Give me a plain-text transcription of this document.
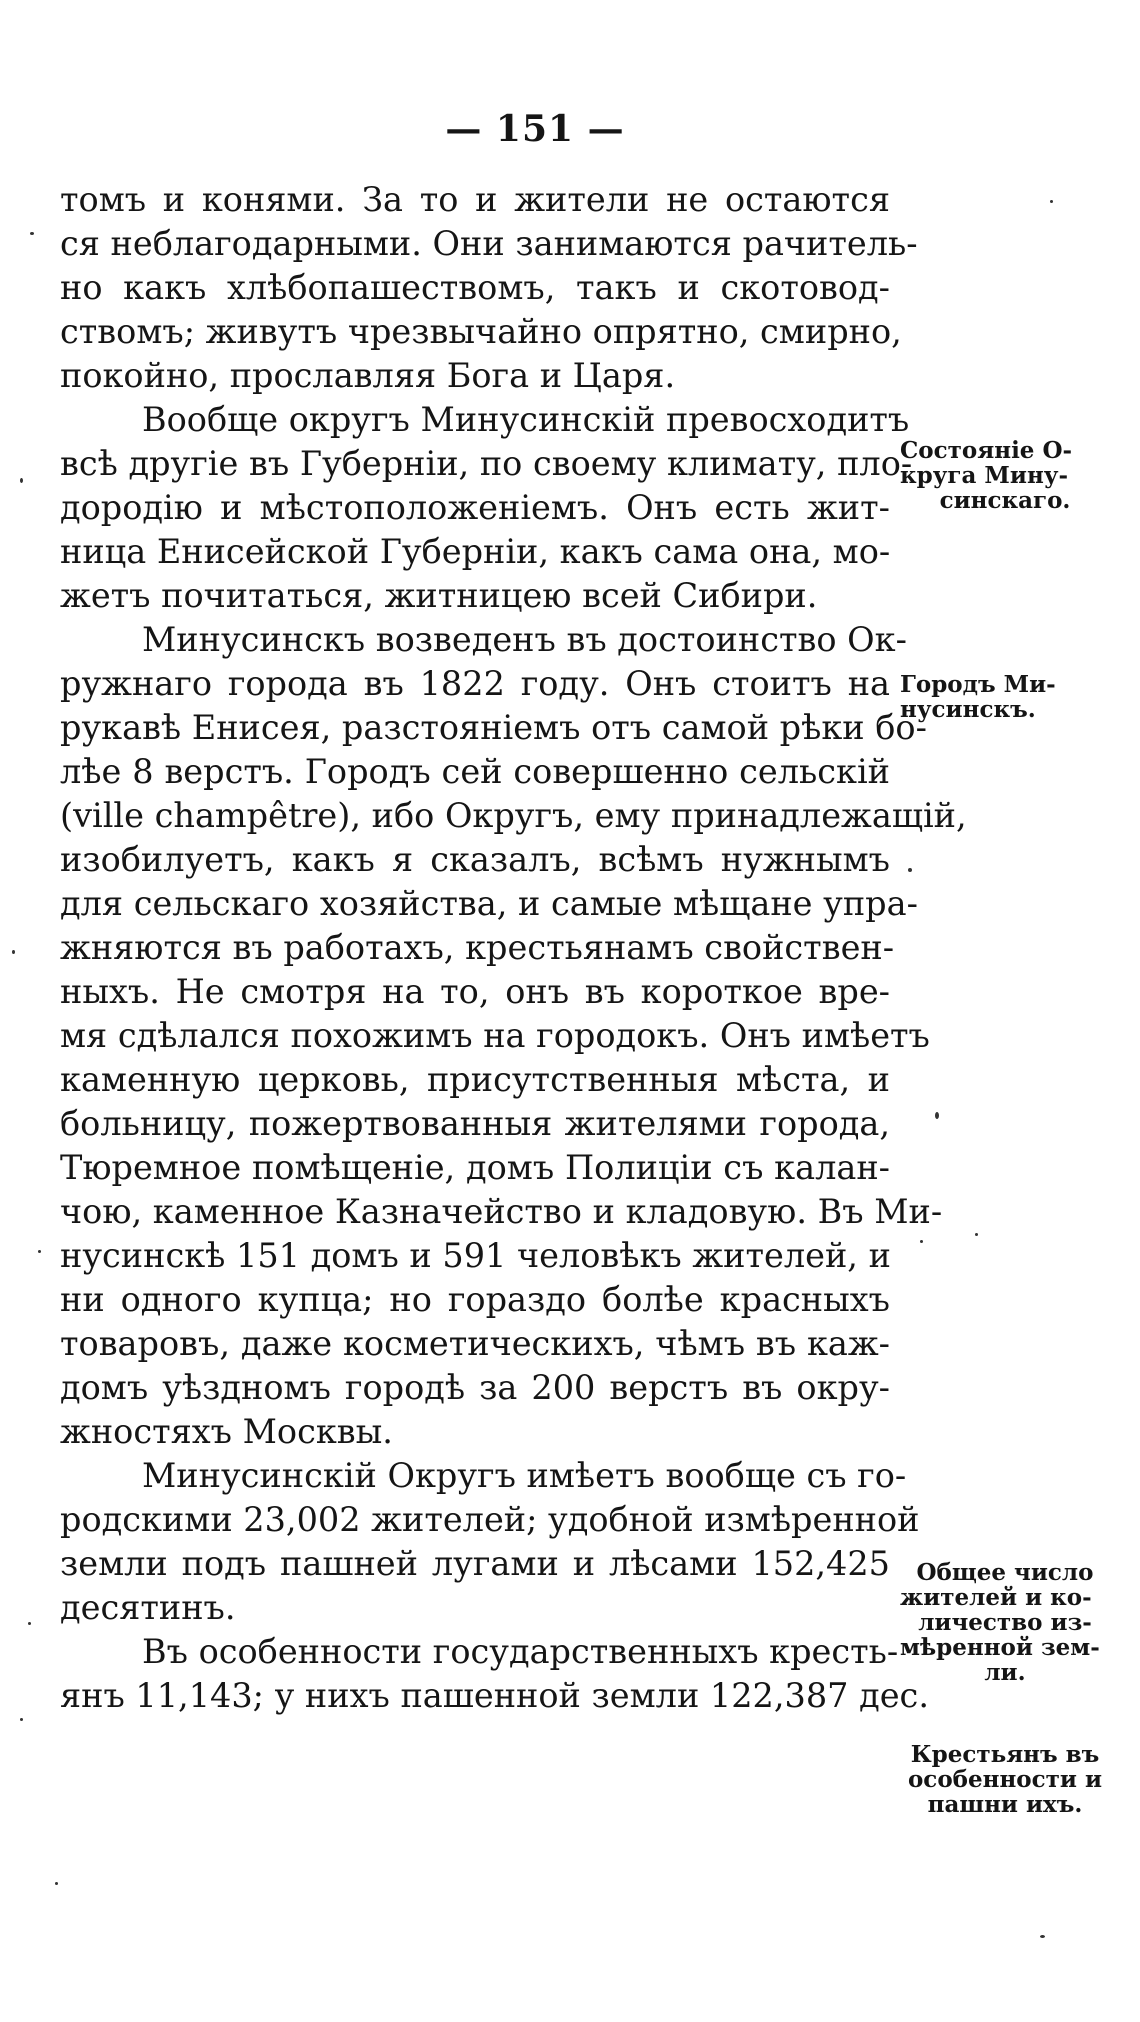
— 151 —
томъ и конями. За то и жители не остаются
ся неблагодарными. Они занимаются рачитель-
но какъ хлѣбопашествомъ, такъ и скотовод-
ствомъ; живутъ чрезвычайно опрятно, смирно,
покойно, прославляя Бога и Царя.
Вообще округъ Минусинскій превосходитъ
всѣ другіе въ Губерніи, по своему климату, пло-
дородію и мѣстоположеніемъ. Онъ есть жит-
ница Енисейской Губерніи, какъ сама она, мо-
жетъ почитаться, житницею всей Сибири.
Минусинскъ возведенъ въ достоинство Ок-
ружнаго города въ 1822 году. Онъ стоитъ на
рукавѣ Енисея, разстояніемъ отъ самой рѣки бо-
лѣе 8 верстъ. Городъ сей совершенно сельскій
(ville champêtre), ибо Округъ, ему принадлежащій,
изобилуетъ, какъ я сказалъ, всѣмъ нужнымъ
для сельскаго хозяйства, и самые мѣщане упра-
жняются въ работахъ, крестьянамъ свойствен-
ныхъ. Не смотря на то, онъ въ короткое вре-
мя сдѣлался похожимъ на городокъ. Онъ имѣетъ
каменную церковь, присутственныя мѣста, и
больницу, пожертвованныя жителями города,
Тюремное помѣщеніе, домъ Полиціи съ калан-
чою, каменное Казначейство и кладовую. Въ Ми-
нусинскѣ 151 домъ и 591 человѣкъ жителей, и
ни одного купца; но гораздо болѣе красныхъ
товаровъ, даже косметическихъ, чѣмъ въ каж-
домъ уѣздномъ городѣ за 200 верстъ въ окру-
жностяхъ Москвы.
Минусинскій Округъ имѣетъ вообще съ го-
родскими 23,002 жителей; удобной измѣренной
земли подъ пашней лугами и лѣсами 152,425
десятинъ.
Въ особенности государственныхъ кресть-
янъ 11,143; у нихъ пашенной земли 122,387 дес.
Состояніе О-
круга Мину-
синскаго.
Городъ Ми-
нусинскъ.
Общее число
жителей и ко-
личество из-
мѣренной зем-
ли.
Крестьянъ въ
особенности и
пашни ихъ.
